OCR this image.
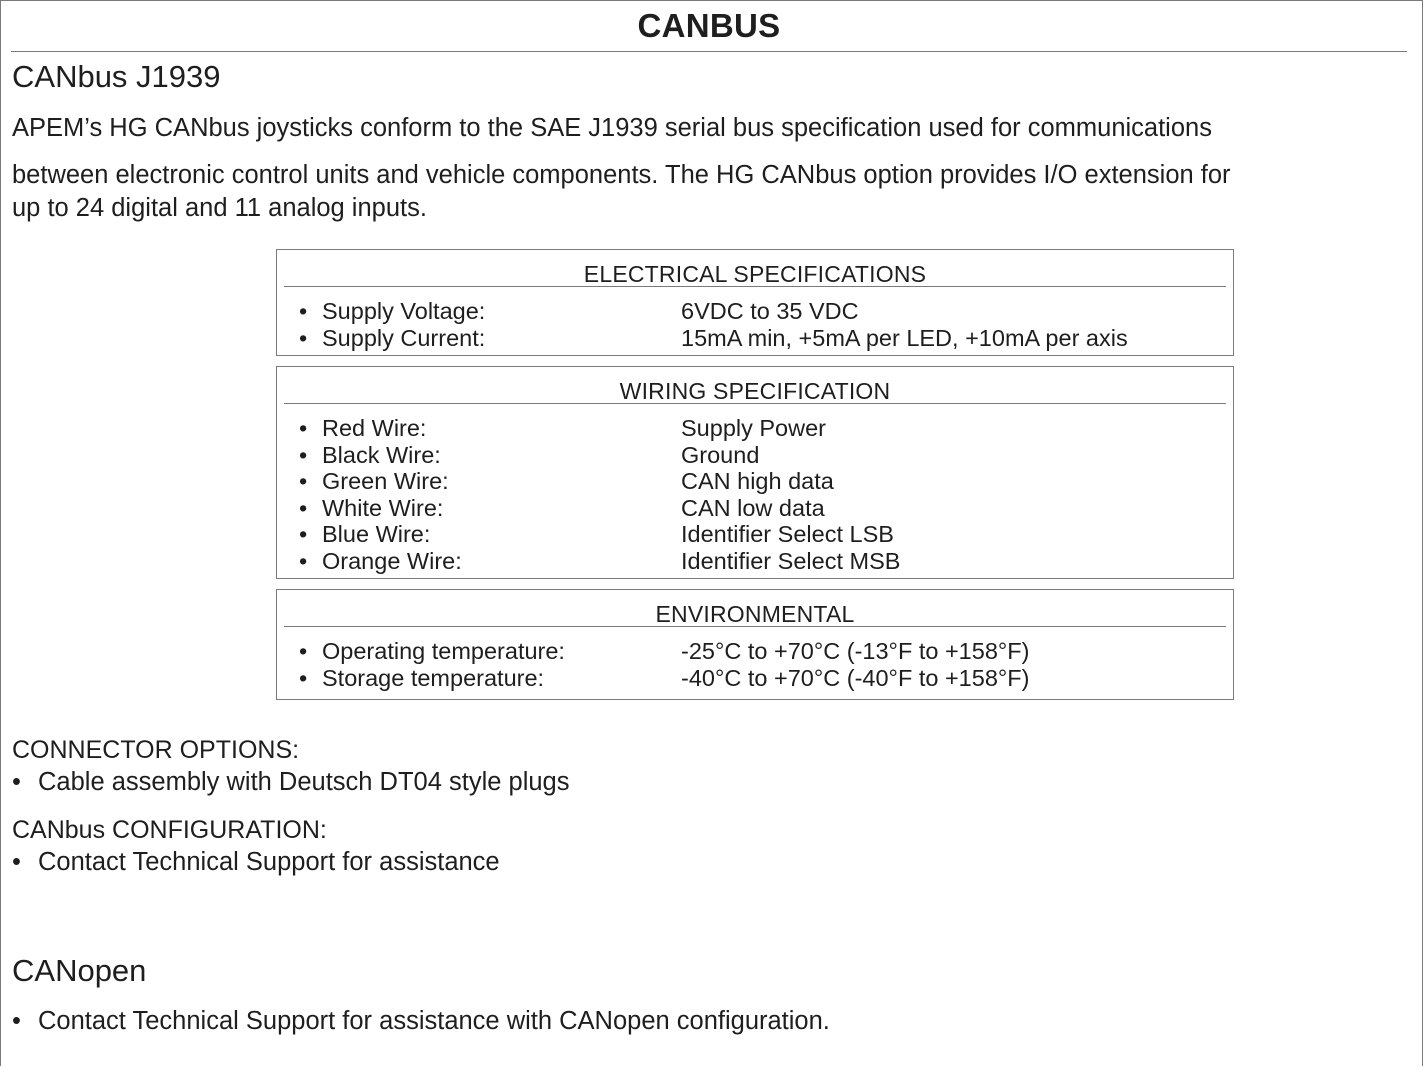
CANBUS
CANbus J1939

APEM’s HG CANbus joysticks conform to the SAE J1939 serial bus specification used for communications

between electronic control units and vehicle components. The HG CANbus option provides I/O extension for

up to 24 digital and 11 analog inputs.

ELECTRICAL SPECIFICATIONS
• Supply Voltage:	6VDC to 35 VDC
• Supply Current:	15mA min, +5mA per LED, +10mA per axis
WIRING SPECIFICATION
• Red Wire:	Supply Power
• Black Wire:	Ground
• Green Wire:	CAN high data
• White Wire:	CAN low data
• Blue Wire:	Identifier Select LSB
• Orange Wire:	Identifier Select MSB
ENVIRONMENTAL
• Operating temperature:	-25°C to +70°C (-13°F to +158°F)
• Storage temperature:	-40°C to +70°C (-40°F to +158°F)

CONNECTOR OPTIONS:

• Cable assembly with Deutsch DT04 style plugs

CANbus CONFIGURATION:

• Contact Technical Support for assistance

CANopen

• Contact Technical Support for assistance with CANopen configuration.
